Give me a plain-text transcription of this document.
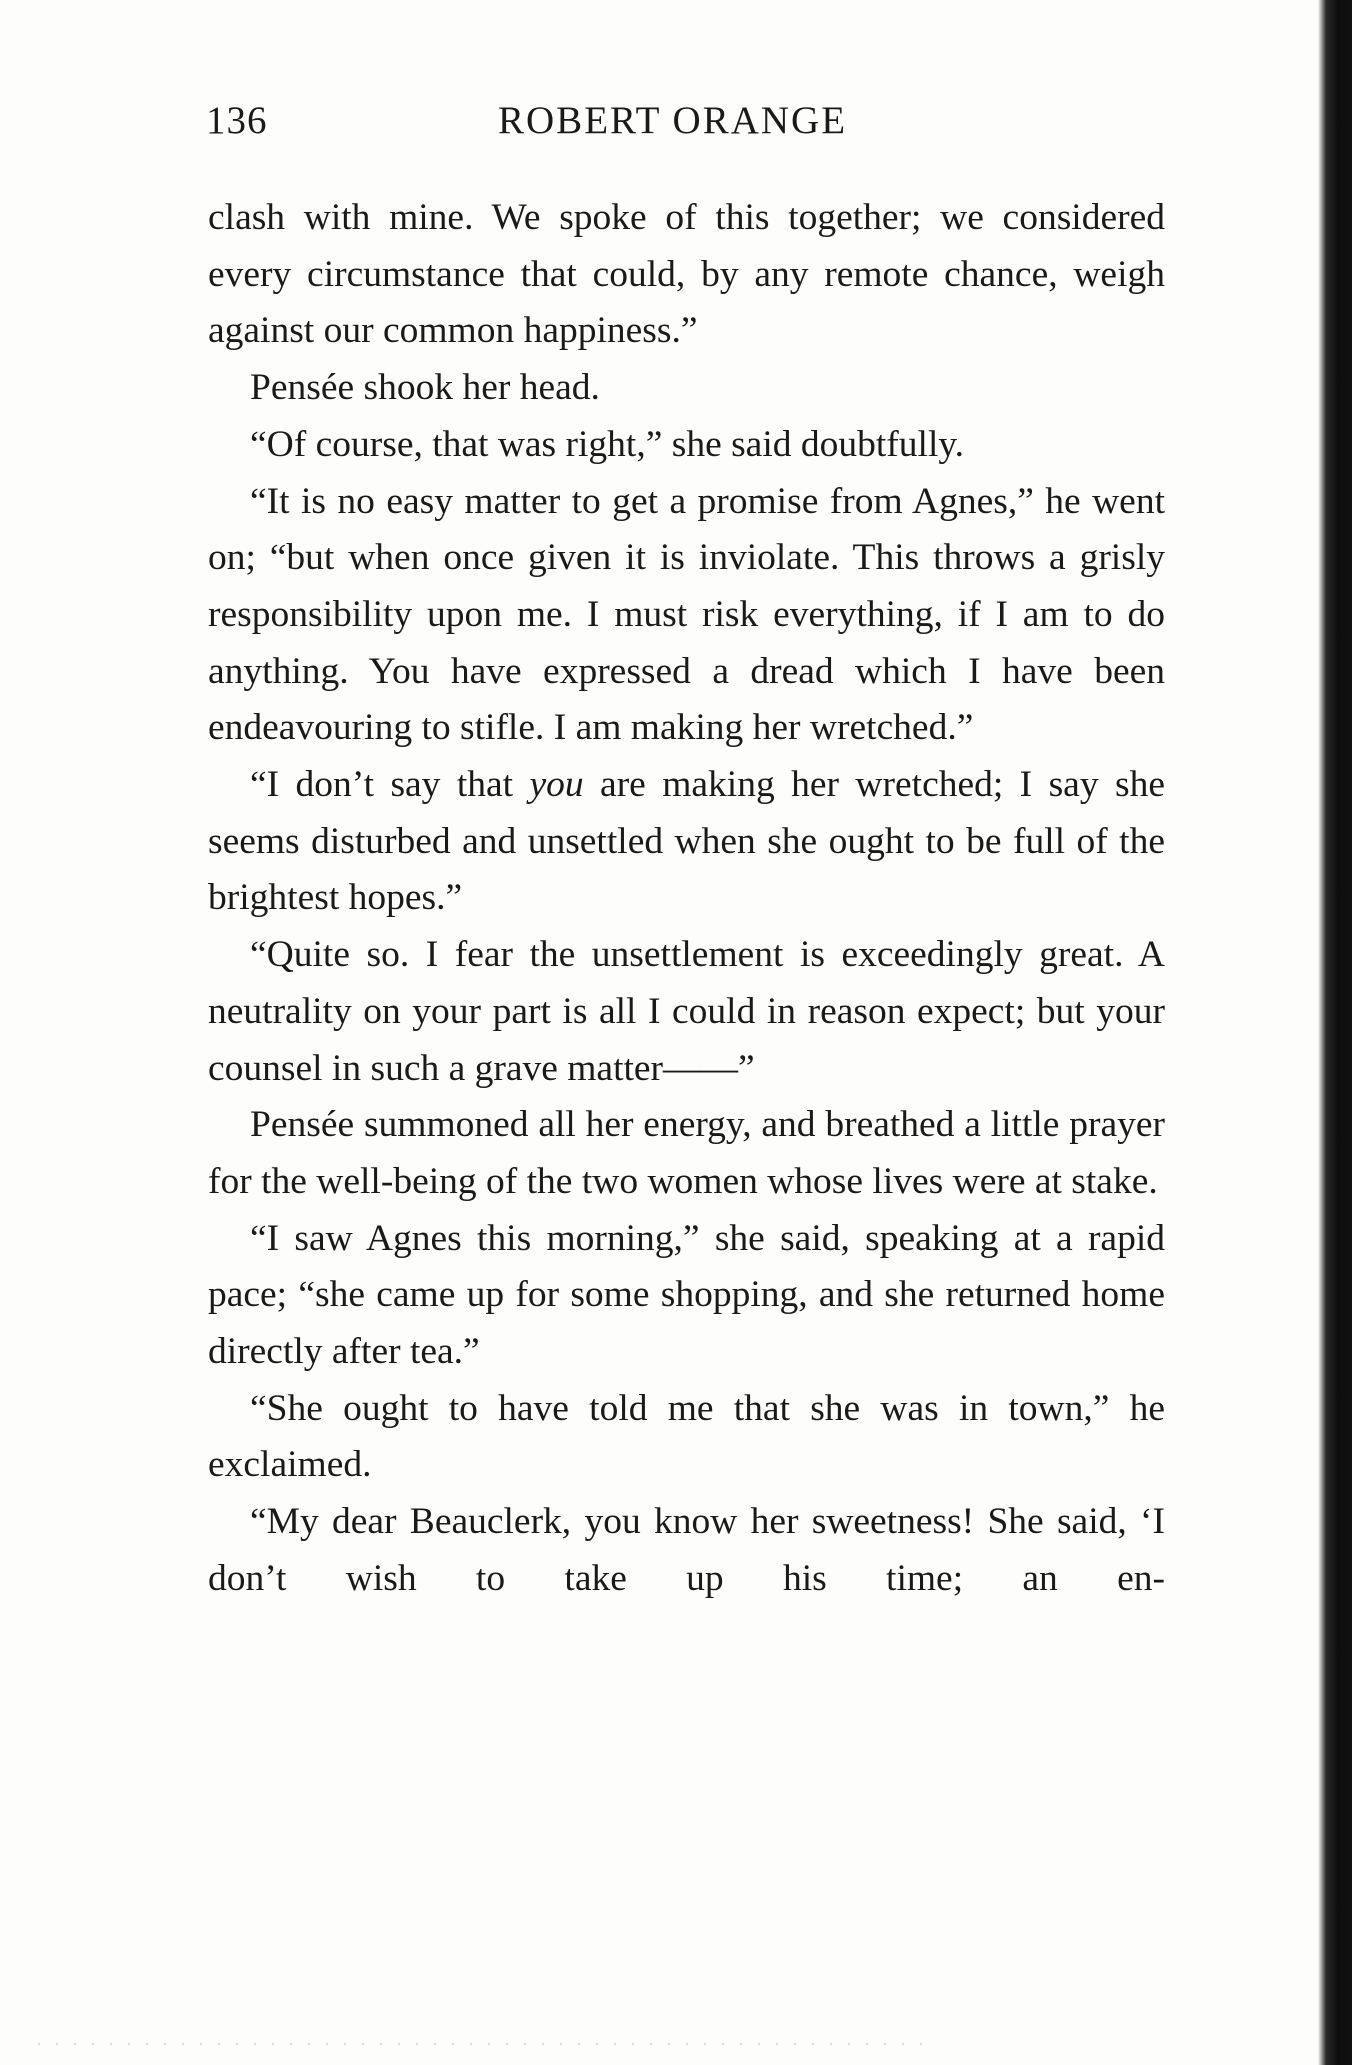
136	ROBERT ORANGE

clash with mine. We spoke of this together; we considered every circumstance that could, by any remote chance, weigh against our common happiness.”

Pensée shook her head.

“Of course, that was right,” she said doubtfully.

“It is no easy matter to get a promise from Agnes,” he went on; “but when once given it is inviolate. This throws a grisly responsibility upon me. I must risk everything, if I am to do anything. You have expressed a dread which I have been endeavouring to stifle. I am making her wretched.”

“I don’t say that you are making her wretched; I say she seems disturbed and unsettled when she ought to be full of the brightest hopes.”

“Quite so. I fear the unsettlement is exceedingly great. A neutrality on your part is all I could in reason expect; but your counsel in such a grave matter——”

Pensée summoned all her energy, and breathed a little prayer for the well-being of the two women whose lives were at stake.

“I saw Agnes this morning,” she said, speaking at a rapid pace; “she came up for some shopping, and she returned home directly after tea.”

“She ought to have told me that she was in town,” he exclaimed.

“My dear Beauclerk, you know her sweetness! She said, ‘I don’t wish to take up his time; an en-
